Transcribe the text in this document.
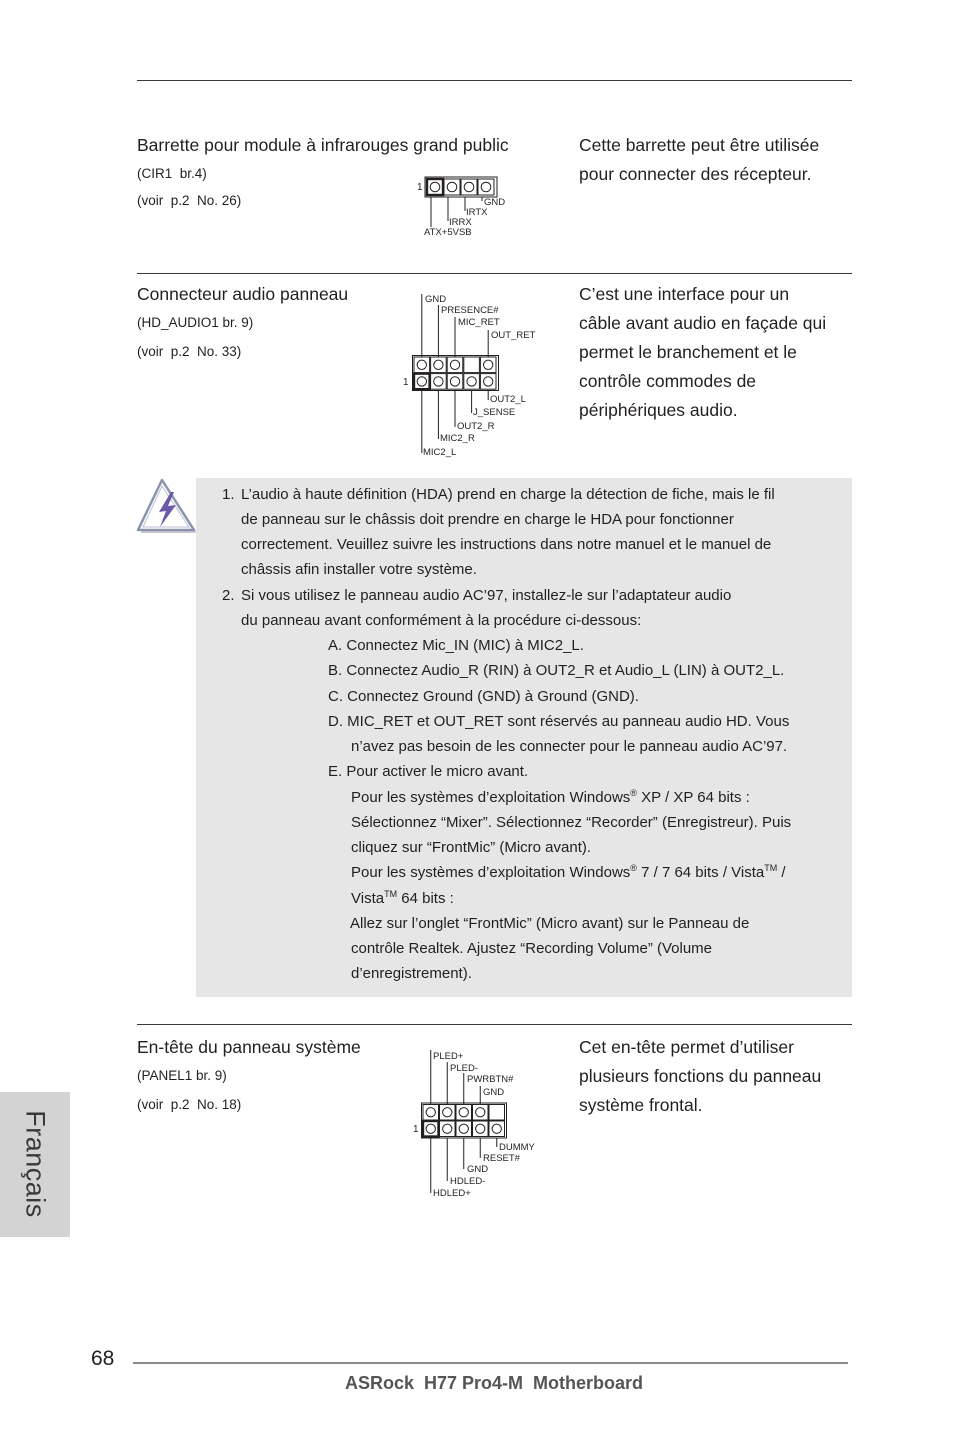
Barrette pour module à infrarouges grand public
(CIR1  br.4)
(voir  p.2  No. 26)
Cette barrette peut être utilisée
pour connecter des récepteur.
1
GND
IRTX
IRRX
ATX+5VSB
Connecteur audio panneau
(HD_AUDIO1 br. 9)
(voir  p.2  No. 33)
C’est une interface pour un
câble avant audio en façade qui
permet le branchement et le
contrôle commodes de
périphériques audio.
1
GND
PRESENCE#
MIC_RET
OUT_RET
OUT2_L
J_SENSE
OUT2_R
MIC2_R
MIC2_L
1. L’audio à haute définition (HDA) prend en charge la détection de fiche, mais le fil
de panneau sur le châssis doit prendre en charge le HDA pour fonctionner
correctement. Veuillez suivre les instructions dans notre manuel et le manuel de
châssis afin installer votre système.
2. Si vous utilisez le panneau audio AC’97, installez-le sur l’adaptateur audio
du panneau avant conformément à la procédure ci-dessous:
A. Connectez Mic_IN (MIC) à MIC2_L.
B. Connectez Audio_R (RIN) à OUT2_R et Audio_L (LIN) à OUT2_L.
C. Connectez Ground (GND) à Ground (GND).
D. MIC_RET et OUT_RET sont réservés au panneau audio HD. Vous
n’avez pas besoin de les connecter pour le panneau audio AC’97.
E. Pour activer le micro avant.
Pour les systèmes d’exploitation Windows® XP / XP 64 bits :
Sélectionnez “Mixer”. Sélectionnez “Recorder” (Enregistreur). Puis
cliquez sur “FrontMic” (Micro avant).
Pour les systèmes d’exploitation Windows® 7 / 7 64 bits / Vista™ /
Vista™ 64 bits :
Allez sur l’onglet “FrontMic” (Micro avant) sur le Panneau de
contrôle Realtek. Ajustez “Recording Volume” (Volume
d’enregistrement).
En-tête du panneau système
(PANEL1 br. 9)
(voir  p.2  No. 18)
Cet en-tête permet d’utiliser
plusieurs fonctions du panneau
système frontal.
1
PLED+
PLED-
PWRBTN#
GND
DUMMY
RESET#
GND
HDLED-
HDLED+
Français
68
ASRock  H77 Pro4-M  Motherboard
